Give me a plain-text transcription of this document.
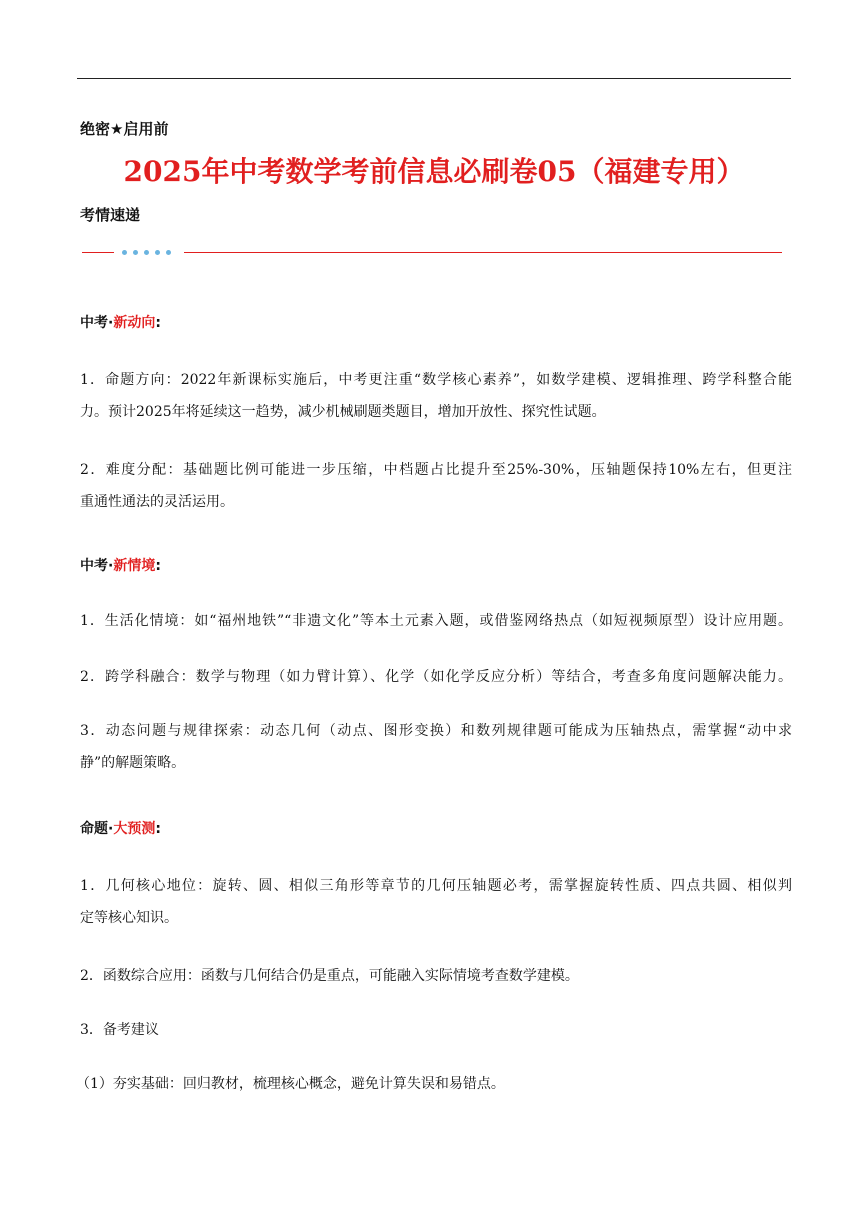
绝密★启用前
2025年中考数学考前信息必刷卷05（福建专用）
考情速递
中考·新动向:
1．命题方向：2022年新课标实施后，中考更注重“数学核心素养”，如数学建模、逻辑推理、跨学科整合能
力。预计2025年将延续这一趋势，减少机械刷题类题目，增加开放性、探究性试题。
2．难度分配：基础题比例可能进一步压缩，中档题占比提升至25%-30%，压轴题保持10%左右，但更注
重通性通法的灵活运用。
中考·新情境:
1．生活化情境：如“福州地铁”“非遗文化”等本土元素入题，或借鉴网络热点（如短视频原型）设计应用题。
2．跨学科融合：数学与物理（如力臂计算）、化学（如化学反应分析）等结合，考查多角度问题解决能力。
3．动态问题与规律探索：动态几何（动点、图形变换）和数列规律题可能成为压轴热点，需掌握“动中求
静”的解题策略。
命题·大预测:
1．几何核心地位：旋转、圆、相似三角形等章节的几何压轴题必考，需掌握旋转性质、四点共圆、相似判
定等核心知识。
2．函数综合应用：函数与几何结合仍是重点，可能融入实际情境考查数学建模。
3．备考建议
（1）夯实基础：回归教材，梳理核心概念，避免计算失误和易错点。
